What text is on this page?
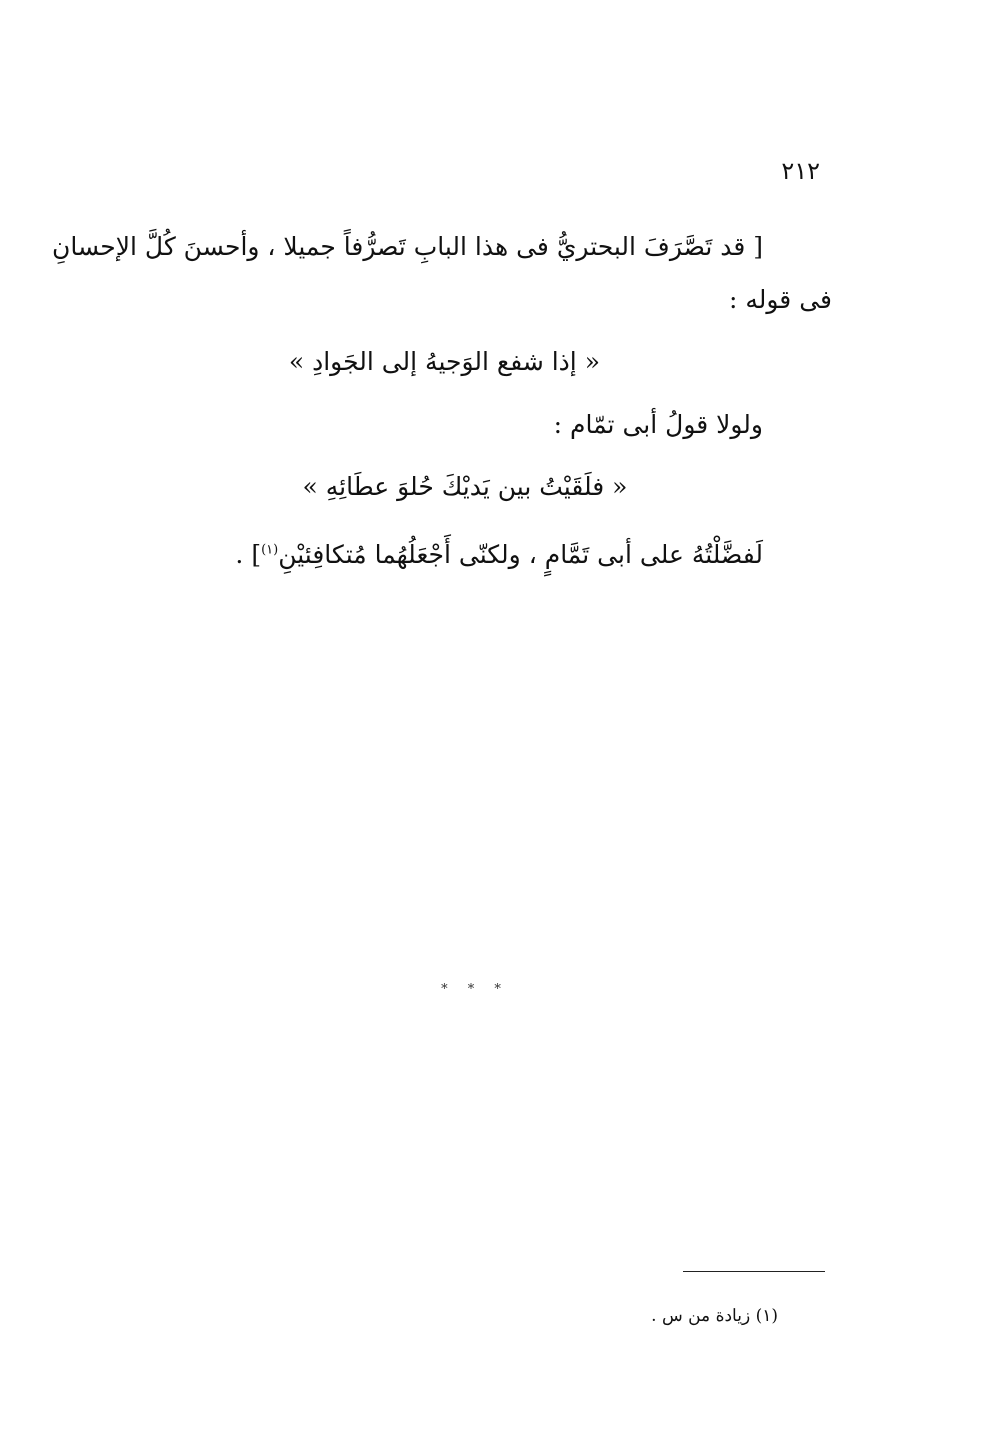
٢١٢
[ قد تَصَّرَفَ البحتريُّ فى هذا البابِ تَصرُّفاً جميلا ، وأحسنَ كُلَّ الإحسانِ
فى قوله :
« إذا شفع الوَجيهُ إلى الجَوادِ »
ولولا قولُ أبى تمّام :
« فلَقَيْتُ بين يَديْكَ حُلوَ عطَائِهِ »
لَفضَّلْتُهُ على أبى تَمَّامٍ ، ولكنّى أَجْعَلُهُما مُتكافِئيْنِ$^{(١)}$] .
* * *
(١) زيادة من س .
